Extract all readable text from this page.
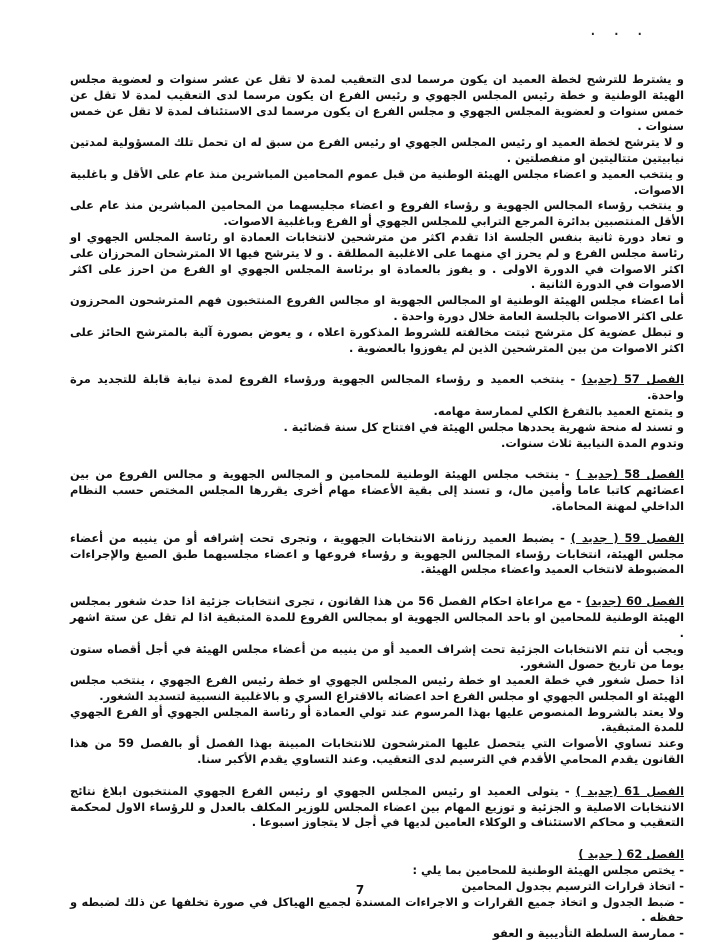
· · ·

و يشترط للترشح لخطة العميد ان يكون مرسما لدى التعقيب لمدة لا تقل عن عشر سنوات و لعضوية مجلس الهيئة الوطنية و خطة رئيس المجلس الجهوي و رئيس الفرع ان يكون مرسما لدى التعقيب لمدة لا تقل عن خمس سنوات و لعضوية المجلس الجهوي و مجلس الفرع ان يكون مرسما لدى الاستئناف لمدة لا تقل عن خمس سنوات .

و لا يترشح لخطة العميد او رئيس المجلس الجهوي او رئيس الفرع من سبق له ان تحمل تلك المسؤولية لمدتين نيابيتين متتاليتين او منفصلتين .

و ينتخب العميد و اعضاء مجلس الهيئة الوطنية من قبل عموم المحامين المباشرين منذ عام على الأقل و باغلبية الاصوات.

و ينتخب رؤساء المجالس الجهوية و رؤساء الفروع و اعضاء مجليسهما من المحامين المباشرين منذ عام على الأقل المنتصبين بدائرة المرجع الترابي للمجلس الجهوي أو الفرع وباغلبية الاصوات.

و تعاد دورة ثانية بنفس الجلسة اذا تقدم اكثر من مترشحين لانتخابات العمادة او رئاسة المجلس الجهوي او رئاسة مجلس الفرع و لم يحرز اي منهما على الاغلبية المطلقة . و لا يترشح فيها الا المترشحان المحرزان على اكثر الاصوات في الدورة الاولى . و يفوز بالعمادة او برئاسة المجلس الجهوي او الفرع من احرز على اكثر الاصوات في الدورة الثانية .

أما اعضاء مجلس الهيئة الوطنية او المجالس الجهوية او مجالس الفروع المنتخبون فهم المترشحون المحرزون على اكثر الاصوات بالجلسة العامة خلال دورة واحدة .

و تبطل عضوية كل مترشح ثبتت مخالفته للشروط المذكورة اعلاه ، و يعوض بصورة آلية بالمترشح الحائز على اكثر الاصوات من بين المترشحين الذين لم يفوزوا بالعضوية .

الفصل 57 (جديد) - ينتخب العميد و رؤساء المجالس الجهوية ورؤساء الفروع لمدة نيابة قابلة للتجديد مرة واحدة.

و يتمتع العميد بالتفرغ الكلي لممارسة مهامه.

و تسند له منحة شهرية يحددها مجلس الهيئة في افتتاح كل سنة قضائية .

وتدوم المدة النيابية ثلاث سنوات.

الفصل 58 (جديد ) - ينتخب مجلس الهيئة الوطنية للمحامين و المجالس الجهوية و مجالس الفروع من بين اعضائهم كاتبا عاما وأمين مال، و تسند إلى بقية الأعضاء مهام أخرى يقررها المجلس المختص حسب النظام الداخلي لمهنة المحاماة.

الفصل 59 ( جديد ) - يضبط العميد رزنامة الانتخابات الجهوية ، وتجرى تحت إشرافه أو من ينيبه من أعضاء مجلس الهيئة، انتخابات رؤساء المجالس الجهوية و رؤساء فروعها و اعضاء مجلسيهما طبق الصيغ والإجراءات المضبوطة لانتخاب العميد واعضاء مجلس الهيئة.

الفصل 60 (جديد) - مع مراعاة احكام الفصل 56 من هذا القانون ، تجرى انتخابات جزئية اذا حدث شغور بمجلس الهيئة الوطنية للمحامين او باحد المجالس الجهوية او بمجالس الفروع للمدة المتبقية اذا لم تقل عن ستة اشهر .

ويجب أن تتم الانتخابات الجزئية تحت إشراف العميد أو من ينيبه من أعضاء مجلس الهيئة في أجل أقصاه ستون يوما من تاريخ حصول الشغور.

اذا حصل شغور في خطة العميد او خطة رئيس المجلس الجهوي او خطة رئيس الفرع الجهوي ، ينتخب مجلس الهيئة او المجلس الجهوي او مجلس الفرع احد اعضائه بالاقتراع السري و بالاغلبية النسبية لتسديد الشغور.

ولا يعتد بالشروط المنصوص عليها بهذا المرسوم عند تولي العمادة أو رئاسة المجلس الجهوي أو الفرع الجهوي للمدة المتبقية.

وعند تساوي الأصوات التي يتحصل عليها المترشحون للانتخابات المبينة بهذا الفصل أو بالفصل 59 من هذا القانون يقدم المحامي الأقدم في الترسيم لدى التعقيب. وعند التساوي يقدم الأكبر سنا.

الفصل 61 (جديد ) - يتولى العميد او رئيس المجلس الجهوي او رئيس الفرع الجهوي المنتخبون ابلاغ نتائج الانتخابات الاصلية و الجزئية و توزيع المهام بين اعضاء المجلس للوزير المكلف بالعدل و للرؤساء الاول لمحكمة التعقيب و محاكم الاستئناف و الوكلاء العامين لديها في أجل لا يتجاوز اسبوعا .

الفصل 62 ( جديد )

- يختص مجلس الهيئة الوطنية للمحامين بما يلي :

- اتخاذ قرارات الترسيم بجدول المحامين

- ضبط الجدول و اتخاذ جميع القرارات و الاجراءات المسندة لجميع الهياكل في صورة تخلفها عن ذلك لضبطه و حفظه .

- ممارسة السلطة التأديبية و العفو

7
